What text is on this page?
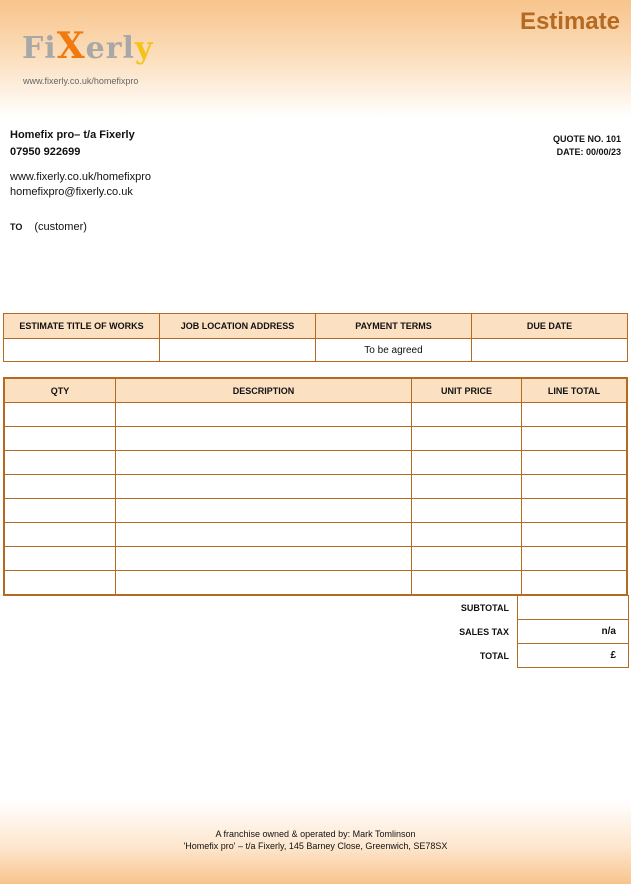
FiXerly
www.fixerly.co.uk/homefixpro
Estimate
Homefix pro– t/a Fixerly
07950 922699
www.fixerly.co.uk/homefixpro
homefixpro@fixerly.co.uk
TO (customer)
QUOTE NO. 101
DATE: 00/00/23
ESTIMATE TITLE OF WORKS	JOB LOCATION ADDRESS	PAYMENT TERMS	DUE DATE
		To be agreed	
QTY	DESCRIPTION	UNIT PRICE	LINE TOTAL

SUBTOTAL	
SALES TAX	n/a
TOTAL	£
A franchise owned & operated by: Mark Tomlinson
'Homefix pro' – t/a Fixerly, 145 Barney Close, Greenwich, SE78SX
